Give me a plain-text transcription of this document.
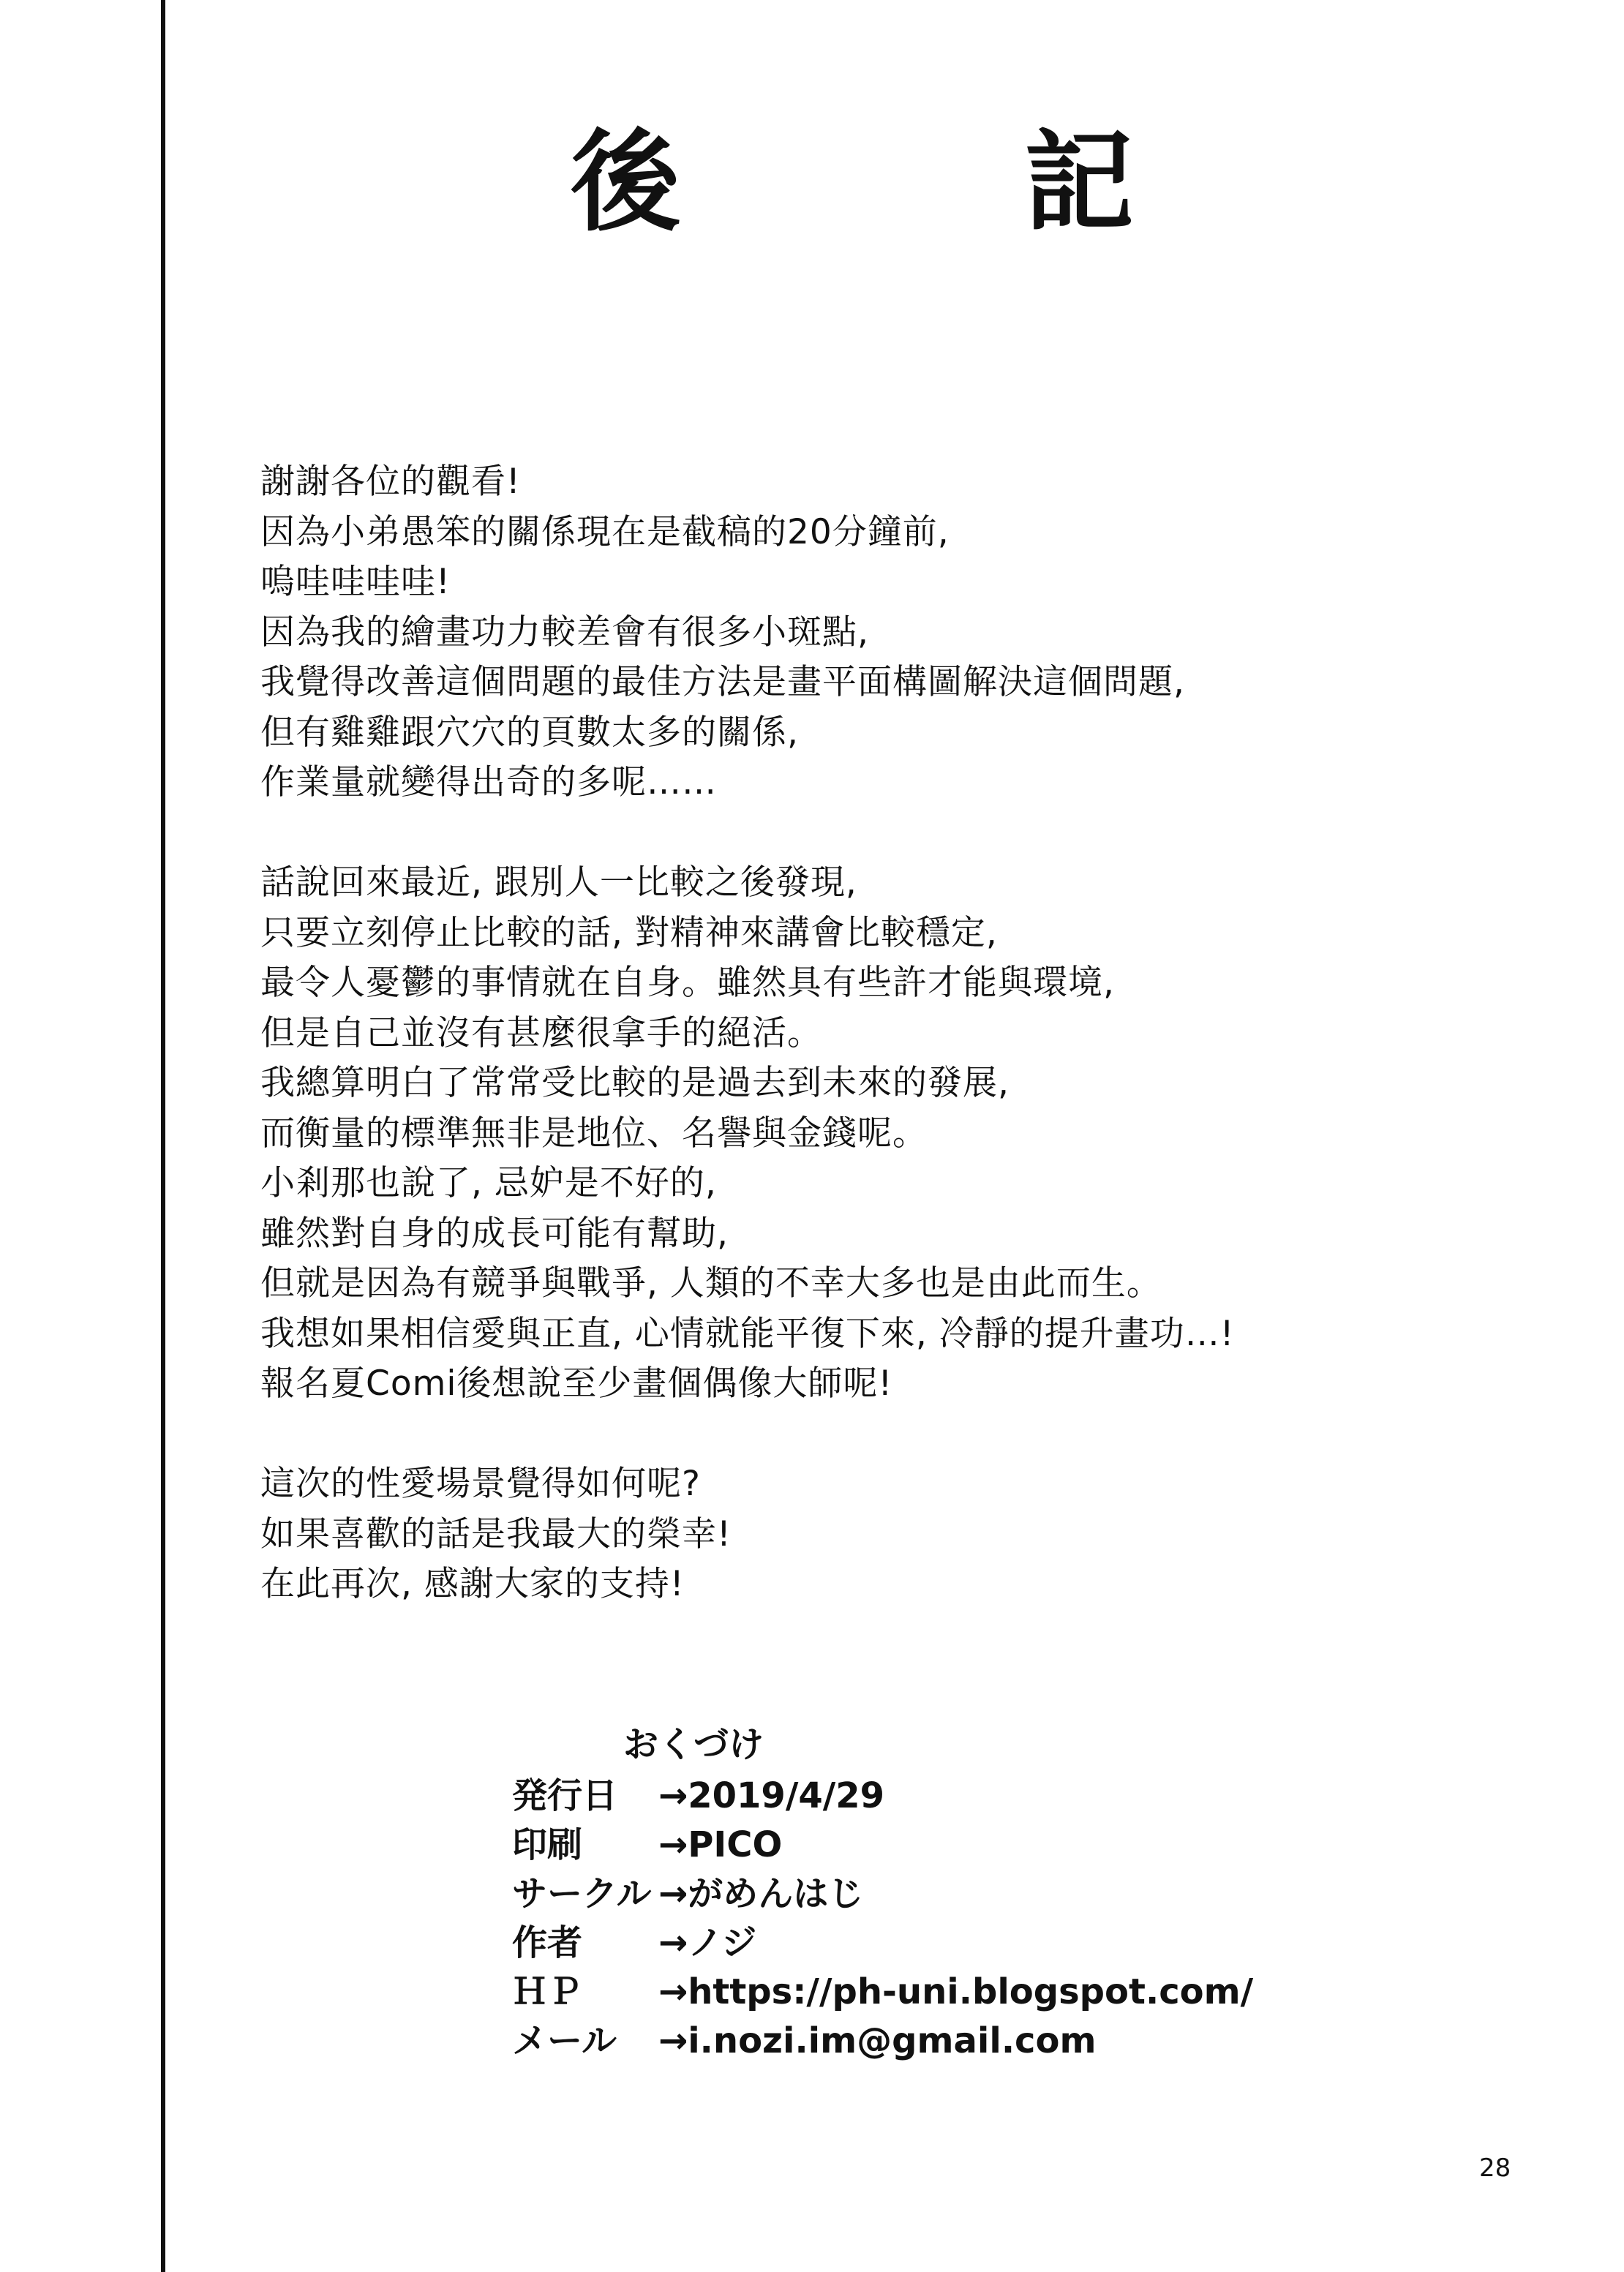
後	記
謝謝各位的觀看!
因為小弟愚笨的關係現在是截稿的20分鐘前,
嗚哇哇哇哇!
因為我的繪畫功力較差會有很多小斑點,
我覺得改善這個問題的最佳方法是畫平面構圖解決這個問題,
但有雞雞跟穴穴的頁數太多的關係,
作業量就變得出奇的多呢……
話說回來最近, 跟別人一比較之後發現,
只要立刻停止比較的話, 對精神來講會比較穩定,
最令人憂鬱的事情就在自身。雖然具有些許才能與環境,
但是自己並沒有甚麼很拿手的絕活。
我總算明白了常常受比較的是過去到未來的發展,
而衡量的標準無非是地位、名譽與金錢呢。
小剎那也說了, 忌妒是不好的,
雖然對自身的成長可能有幫助,
但就是因為有競爭與戰爭, 人類的不幸大多也是由此而生。
我想如果相信愛與正直, 心情就能平復下來, 冷靜的提升畫功…!
報名夏Comi後想說至少畫個偶像大師呢!
這次的性愛場景覺得如何呢?
如果喜歡的話是我最大的榮幸!
在此再次, 感謝大家的支持!
おくづけ
発行日	→2019/4/29
印刷	→PICO
サークル →がめんはじ
作者	→ノジ
ＨＰ	→https://ph-uni.blogspot.com/
メール	→i.nozi.im@gmail.com
28
